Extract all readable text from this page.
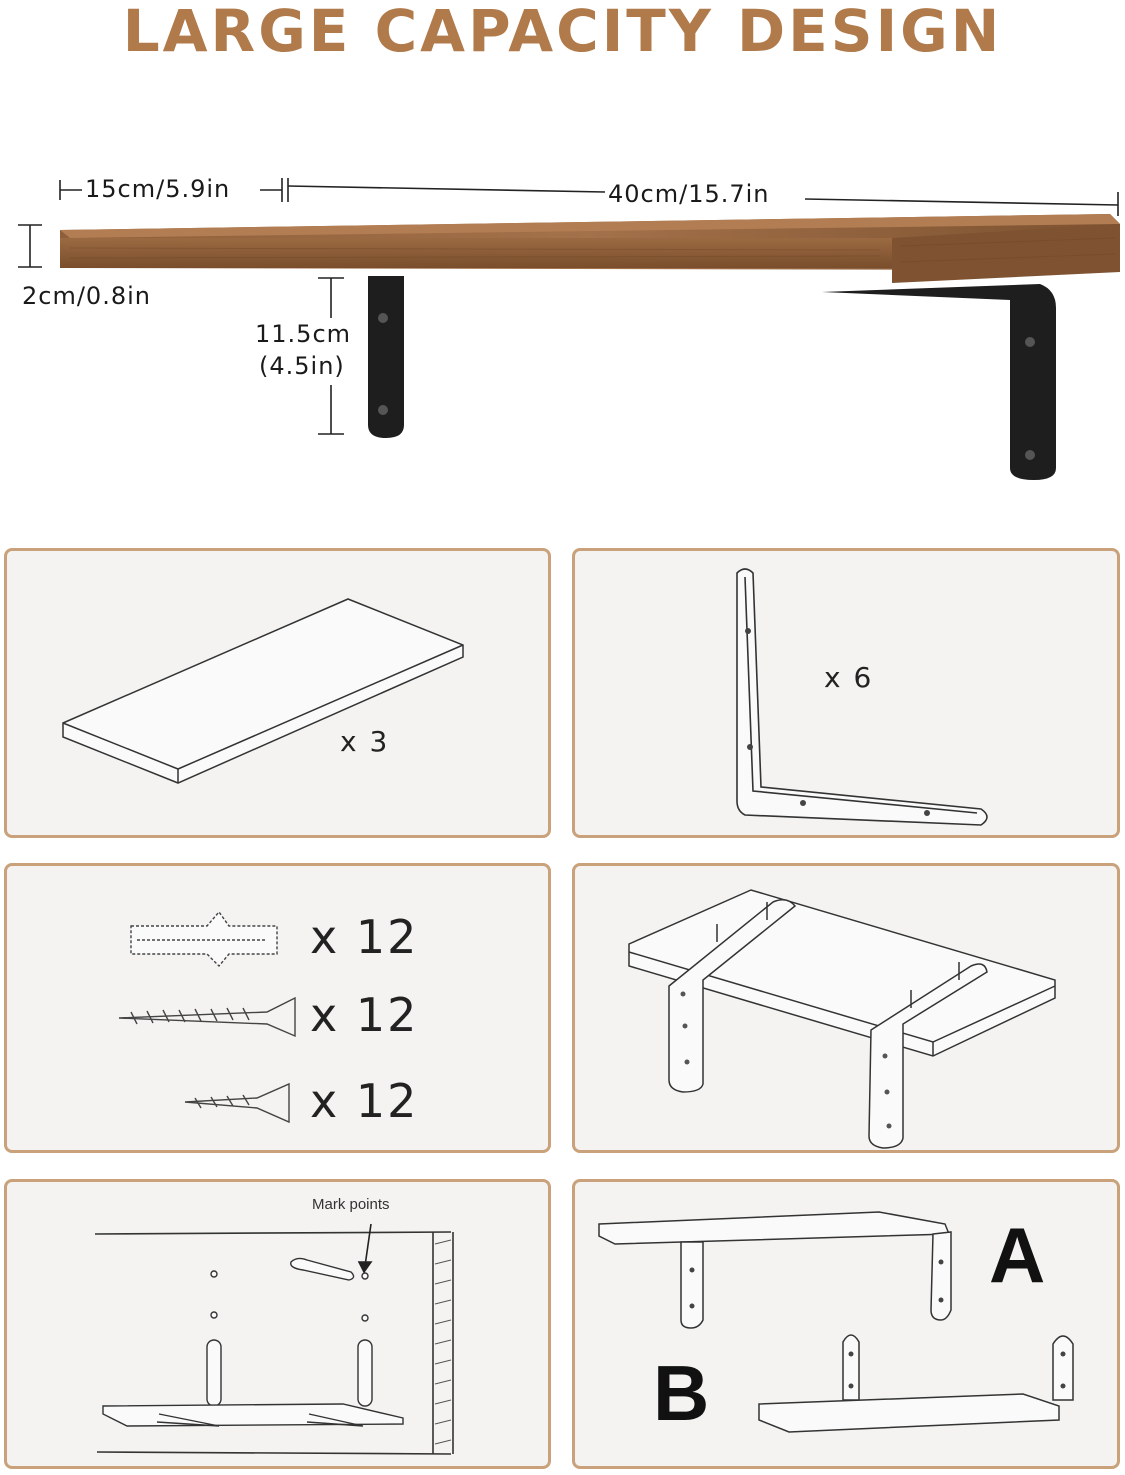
LARGE CAPACITY DESIGN
15cm/5.9in	40cm/15.7in
2cm/0.8in
11.5cm
(4.5in)
x 3
x 6
x 12
x 12
x 12
Mark points
A
B
